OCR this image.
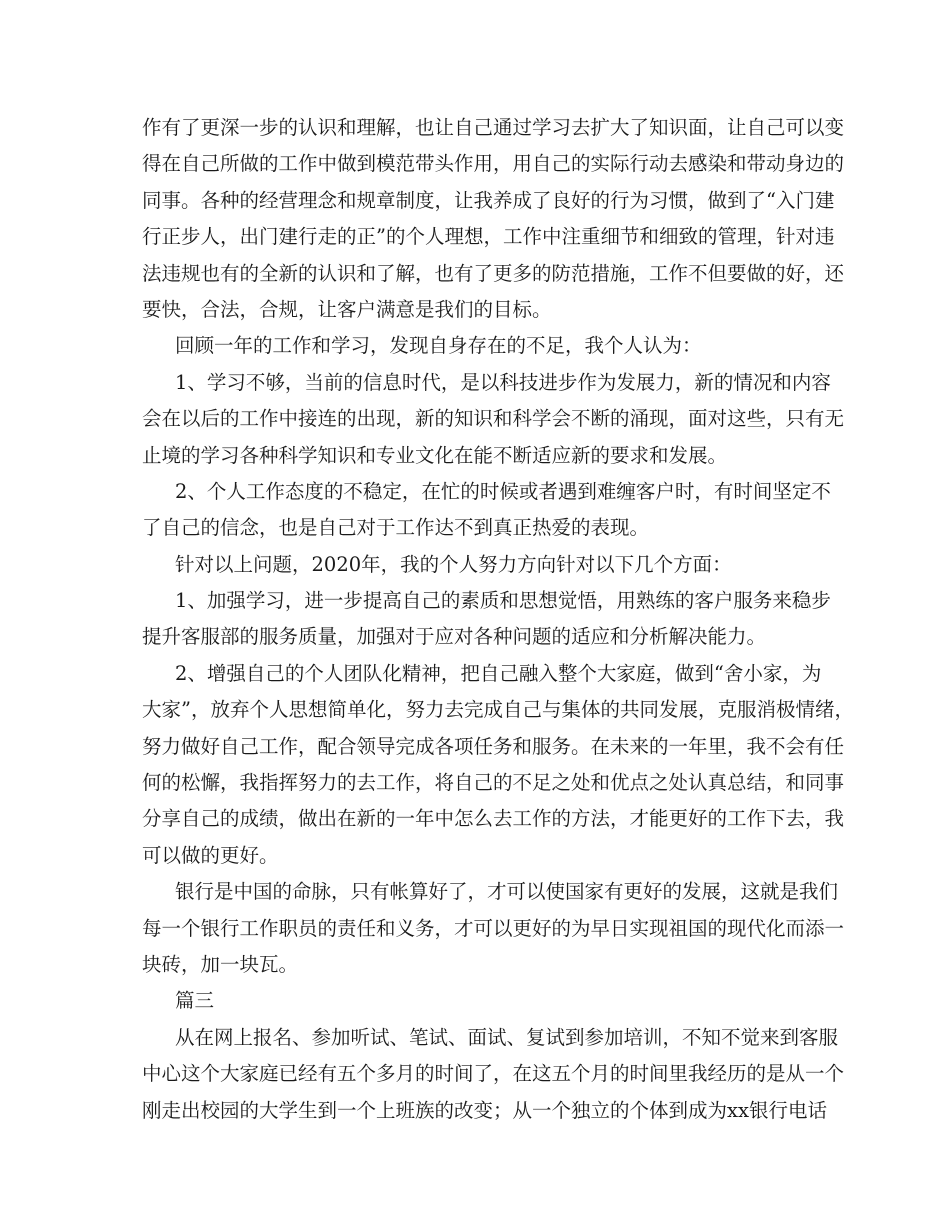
作有了更深一步的认识和理解，也让自己通过学习去扩大了知识面，让自己可以变
得在自己所做的工作中做到模范带头作用，用自己的实际行动去感染和带动身边的
同事。各种的经营理念和规章制度，让我养成了良好的行为习惯，做到了“入门建
行正步人，出门建行走的正”的个人理想，工作中注重细节和细致的管理，针对违
法违规也有的全新的认识和了解，也有了更多的防范措施，工作不但要做的好，还
要快，合法，合规，让客户满意是我们的目标。
回顾一年的工作和学习，发现自身存在的不足，我个人认为：
1、学习不够，当前的信息时代，是以科技进步作为发展力，新的情况和内容
会在以后的工作中接连的出现，新的知识和科学会不断的涌现，面对这些，只有无
止境的学习各种科学知识和专业文化在能不断适应新的要求和发展。
2、个人工作态度的不稳定，在忙的时候或者遇到难缠客户时，有时间坚定不
了自己的信念，也是自己对于工作达不到真正热爱的表现。
针对以上问题，2020年，我的个人努力方向针对以下几个方面：
1、加强学习，进一步提高自己的素质和思想觉悟，用熟练的客户服务来稳步
提升客服部的服务质量，加强对于应对各种问题的适应和分析解决能力。
2、增强自己的个人团队化精神，把自己融入整个大家庭，做到“舍小家，为
大家”，放弃个人思想简单化，努力去完成自己与集体的共同发展，克服消极情绪，
努力做好自己工作，配合领导完成各项任务和服务。在未来的一年里，我不会有任
何的松懈，我指挥努力的去工作，将自己的不足之处和优点之处认真总结，和同事
分享自己的成绩，做出在新的一年中怎么去工作的方法，才能更好的工作下去，我
可以做的更好。
银行是中国的命脉，只有帐算好了，才可以使国家有更好的发展，这就是我们
每一个银行工作职员的责任和义务，才可以更好的为早日实现祖国的现代化而添一
块砖，加一块瓦。
篇三
从在网上报名、参加听试、笔试、面试、复试到参加培训，不知不觉来到客服
中心这个大家庭已经有五个多月的时间了，在这五个月的时间里我经历的是从一个
刚走出校园的大学生到一个上班族的改变；从一个独立的个体到成为xx银行电话
